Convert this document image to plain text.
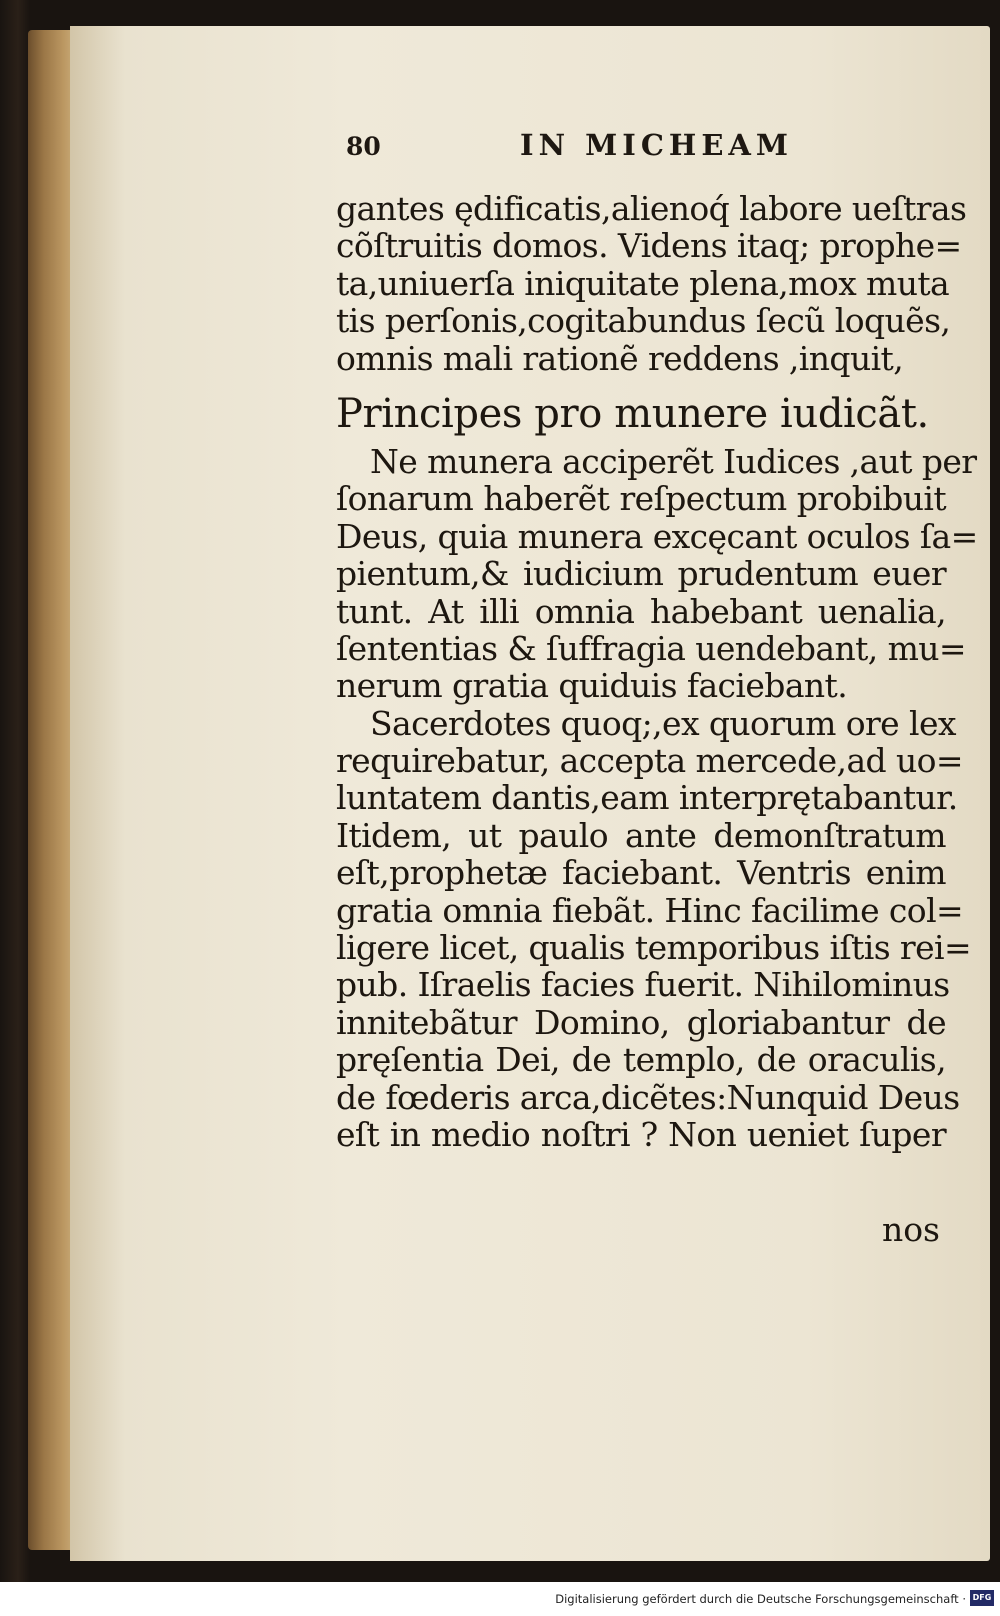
80	IN MICHEAM
gantes ędificatis,alienoq́ labore ueſtras
cõſtruitis domos. Videns itaq; prophe=
ta,uniuerſa iniquitate plena,mox muta
tis perſonis,cogitabundus ſecũ loquẽs,
omnis mali rationẽ reddens ,inquit,
Principes pro munere iudicãt.
Ne munera acciperẽt Iudices ,aut per
ſonarum haberẽt reſpectum probibuit
Deus, quia munera excęcant oculos ſa=
pientum,& iudicium prudentum euer
tunt. At illi omnia habebant uenalia,
ſententias & ſuffragia uendebant, mu=
nerum gratia quiduis faciebant.
Sacerdotes quoq;,ex quorum ore lex
requirebatur, accepta mercede,ad uo=
luntatem dantis,eam interprętabantur.
Itidem, ut paulo ante demonſtratum
eſt,prophetæ faciebant. Ventris enim
gratia omnia fiebãt. Hinc facilime col=
ligere licet, qualis temporibus iſtis rei=
pub. Iſraelis facies fuerit. Nihilominus
innitebãtur Domino, gloriabantur de
pręſentia Dei, de templo, de oraculis,
de fœderis arca,dicẽtes:Nunquid Deus
eſt in medio noſtri ? Non ueniet ſuper
nos
Digitalisierung gefördert durch die Deutsche Forschungsgemeinschaft · DFG
